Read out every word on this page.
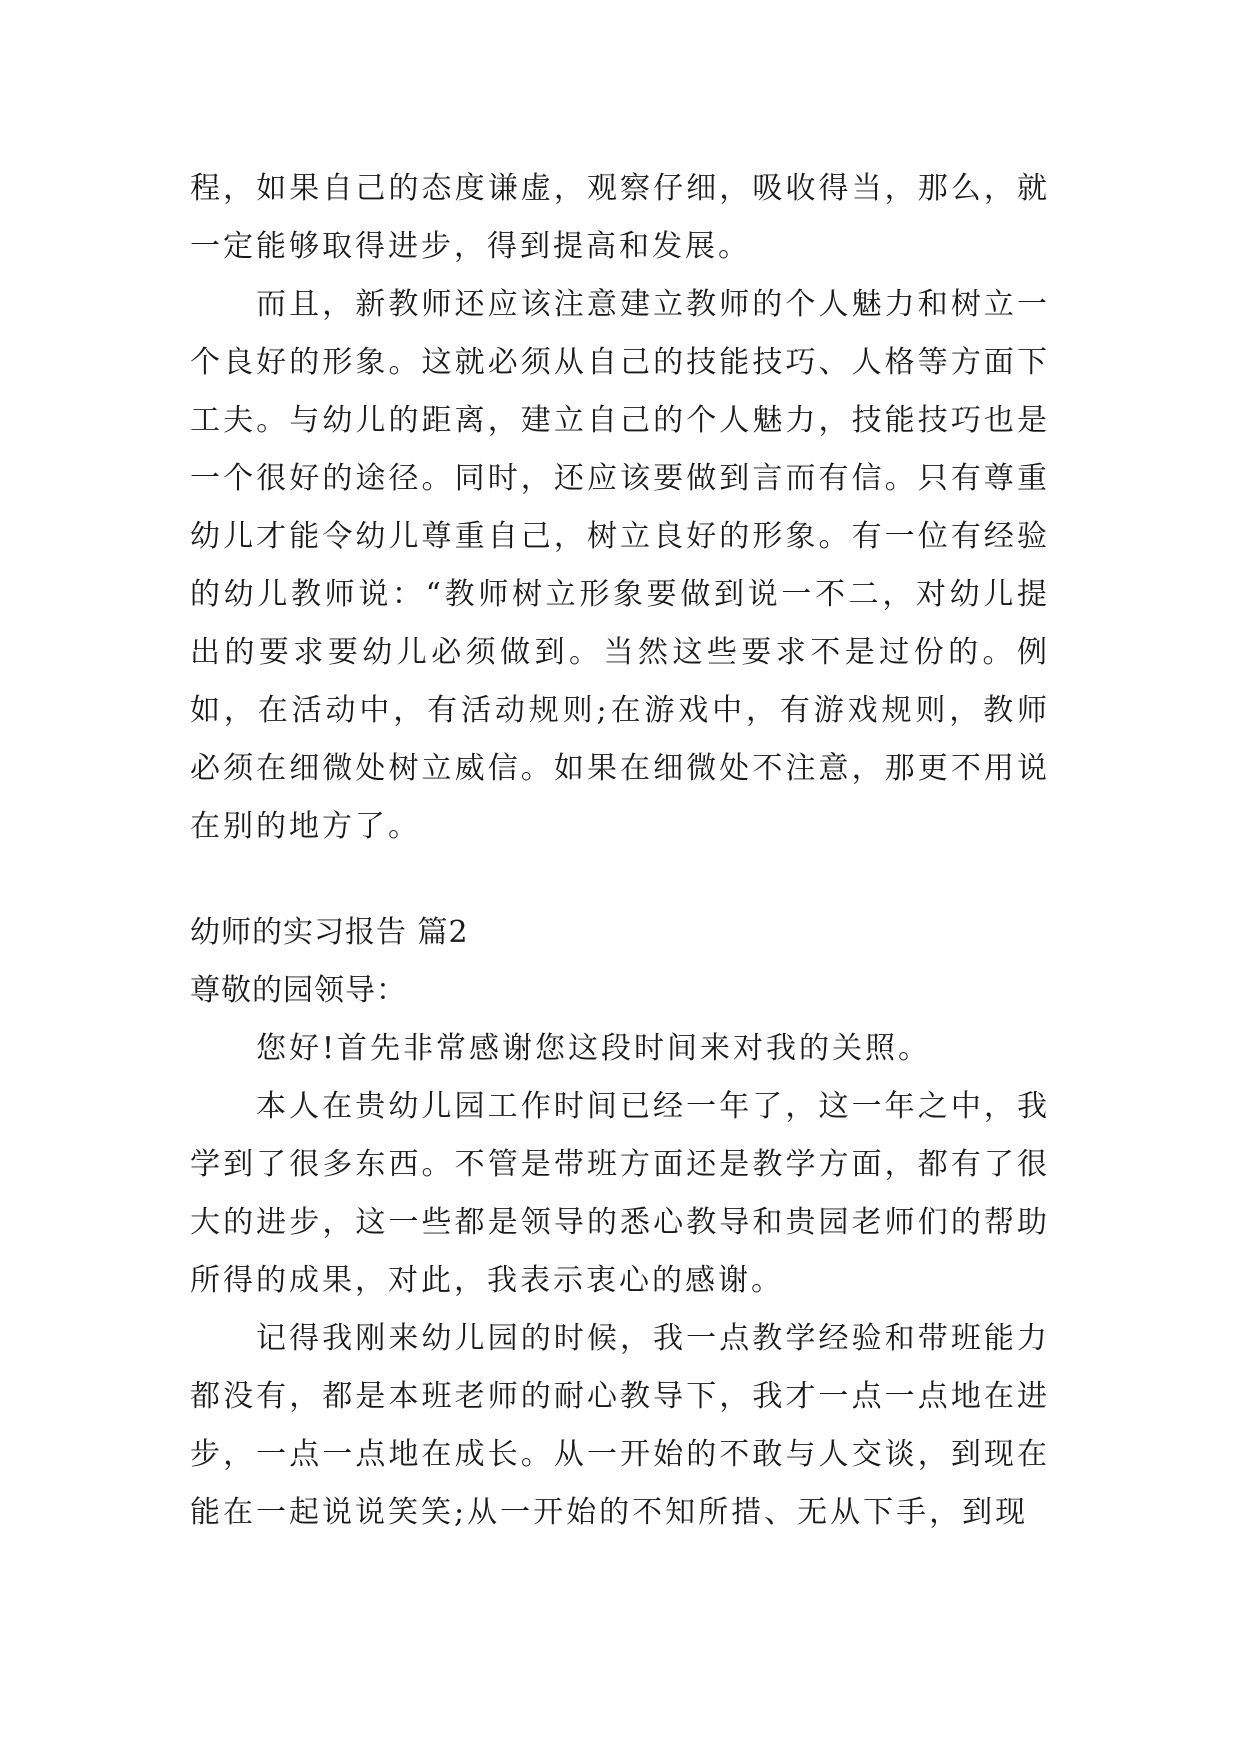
程，如果自己的态度谦虚，观察仔细，吸收得当，那么，就一定能够取得进步，得到提高和发展。

而且，新教师还应该注意建立教师的个人魅力和树立一个良好的形象。这就必须从自己的技能技巧、人格等方面下工夫。与幼儿的距离，建立自己的个人魅力，技能技巧也是一个很好的途径。同时，还应该要做到言而有信。只有尊重幼儿才能令幼儿尊重自己，树立良好的形象。有一位有经验的幼儿教师说：“教师树立形象要做到说一不二，对幼儿提出的要求要幼儿必须做到。当然这些要求不是过份的。例如，在活动中，有活动规则;在游戏中，有游戏规则，教师必须在细微处树立威信。如果在细微处不注意，那更不用说在别的地方了。

幼师的实习报告 篇2

尊敬的园领导：

您好!首先非常感谢您这段时间来对我的关照。

本人在贵幼儿园工作时间已经一年了，这一年之中，我学到了很多东西。不管是带班方面还是教学方面，都有了很大的进步，这一些都是领导的悉心教导和贵园老师们的帮助所得的成果，对此，我表示衷心的感谢。

记得我刚来幼儿园的时候，我一点教学经验和带班能力都没有，都是本班老师的耐心教导下，我才一点一点地在进步，一点一点地在成长。从一开始的不敢与人交谈，到现在能在一起说说笑笑;从一开始的不知所措、无从下手，到现
